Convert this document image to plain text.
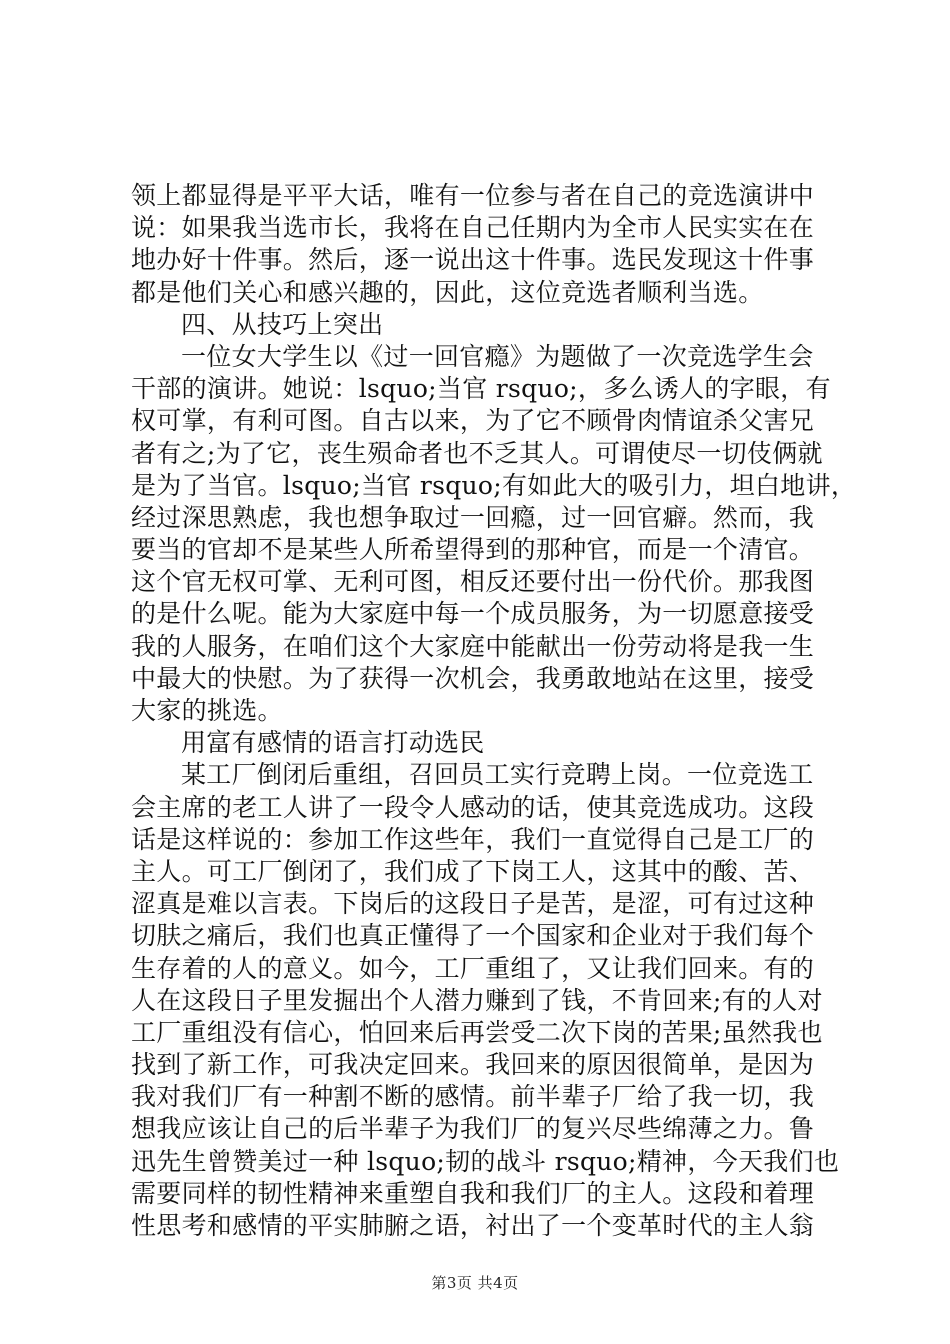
领上都显得是平平大话，唯有一位参与者在自己的竞选演讲中
说：如果我当选市长，我将在自己任期内为全市人民实实在在
地办好十件事。然后，逐一说出这十件事。选民发现这十件事
都是他们关心和感兴趣的，因此，这位竞选者顺利当选。
四、从技巧上突出
一位女大学生以《过一回官瘾》为题做了一次竞选学生会
干部的演讲。她说：lsquo;当官 rsquo;，多么诱人的字眼，有
权可掌，有利可图。自古以来，为了它不顾骨肉情谊杀父害兄
者有之;为了它，丧生殒命者也不乏其人。可谓使尽一切伎俩就
是为了当官。lsquo;当官 rsquo;有如此大的吸引力，坦白地讲，
经过深思熟虑，我也想争取过一回瘾，过一回官癖。然而，我
要当的官却不是某些人所希望得到的那种官，而是一个清官。
这个官无权可掌、无利可图，相反还要付出一份代价。那我图
的是什么呢。能为大家庭中每一个成员服务，为一切愿意接受
我的人服务，在咱们这个大家庭中能献出一份劳动将是我一生
中最大的快慰。为了获得一次机会，我勇敢地站在这里，接受
大家的挑选。
用富有感情的语言打动选民
某工厂倒闭后重组，召回员工实行竞聘上岗。一位竞选工
会主席的老工人讲了一段令人感动的话，使其竞选成功。这段
话是这样说的：参加工作这些年，我们一直觉得自己是工厂的
主人。可工厂倒闭了，我们成了下岗工人，这其中的酸、苦、
涩真是难以言表。下岗后的这段日子是苦，是涩，可有过这种
切肤之痛后，我们也真正懂得了一个国家和企业对于我们每个
生存着的人的意义。如今，工厂重组了，又让我们回来。有的
人在这段日子里发掘出个人潜力赚到了钱，不肯回来;有的人对
工厂重组没有信心，怕回来后再尝受二次下岗的苦果;虽然我也
找到了新工作，可我决定回来。我回来的原因很简单，是因为
我对我们厂有一种割不断的感情。前半辈子厂给了我一切，我
想我应该让自己的后半辈子为我们厂的复兴尽些绵薄之力。鲁
迅先生曾赞美过一种 lsquo;韧的战斗 rsquo;精神，今天我们也
需要同样的韧性精神来重塑自我和我们厂的主人。这段和着理
性思考和感情的平实肺腑之语，衬出了一个变革时代的主人翁
第3页 共4页
